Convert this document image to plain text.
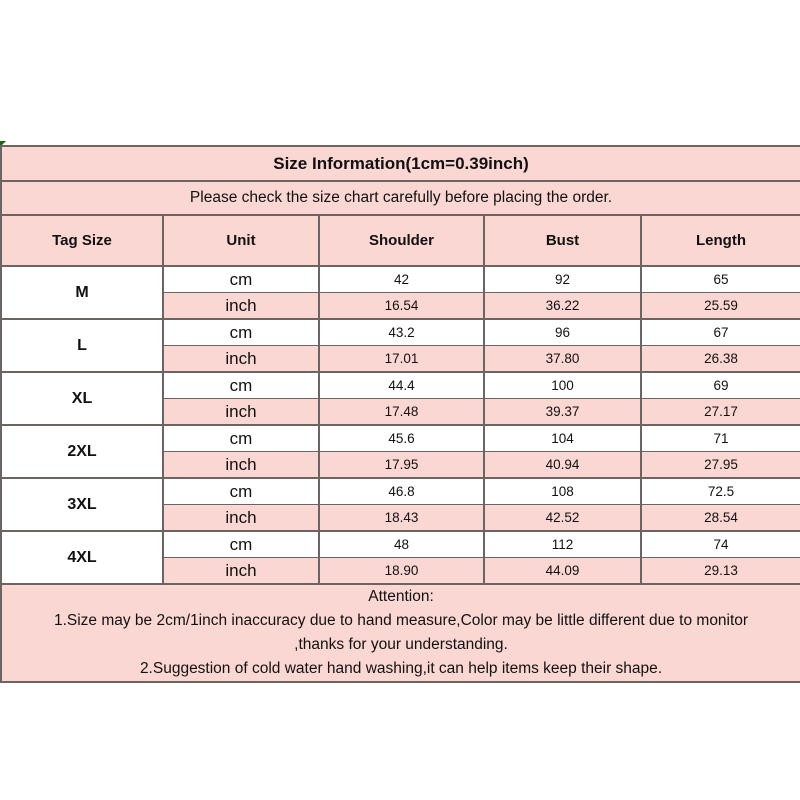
Size Information(1cm=0.39inch)				
Please check the size chart carefully before placing the order.				
Tag Size	Unit	Shoulder	Bust	Length
M	cm	42	92	65
	inch	16.54	36.22	25.59
L	cm	43.2	96	67
	inch	17.01	37.80	26.38
XL	cm	44.4	100	69
	inch	17.48	39.37	27.17
2XL	cm	45.6	104	71
	inch	17.95	40.94	27.95
3XL	cm	46.8	108	72.5
	inch	18.43	42.52	28.54
4XL	cm	48	112	74
	inch	18.90	44.09	29.13

Attention:
1.Size may be 2cm/1inch inaccuracy due to hand measure,Color may be little different due to monitor
,thanks for your understanding.
2.Suggestion of cold water hand washing,it can help items keep their shape.				
